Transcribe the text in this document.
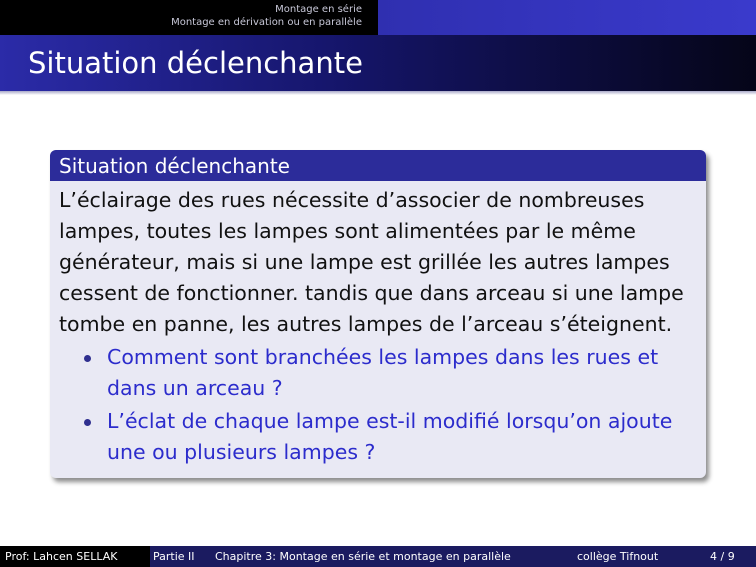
Montage en série
Montage en dérivation ou en parallèle
Situation déclenchante
Situation déclenchante

L’éclairage des rues nécessite d’associer de nombreuses lampes, toutes les lampes sont alimentées par le même générateur, mais si une lampe est grillée les autres lampes cessent de fonctionner. tandis que dans arceau si une lampe tombe en panne, les autres lampes de l’arceau s’éteignent.

Comment sont branchées les lampes dans les rues et dans un arceau ?
L’éclat de chaque lampe est-il modifié lorsqu’on ajoute une ou plusieurs lampes ?
Prof: Lahcen SELLAK	Partie II Chapitre 3: Montage en série et montage en parallèle	collège Tifnout	4 / 9
